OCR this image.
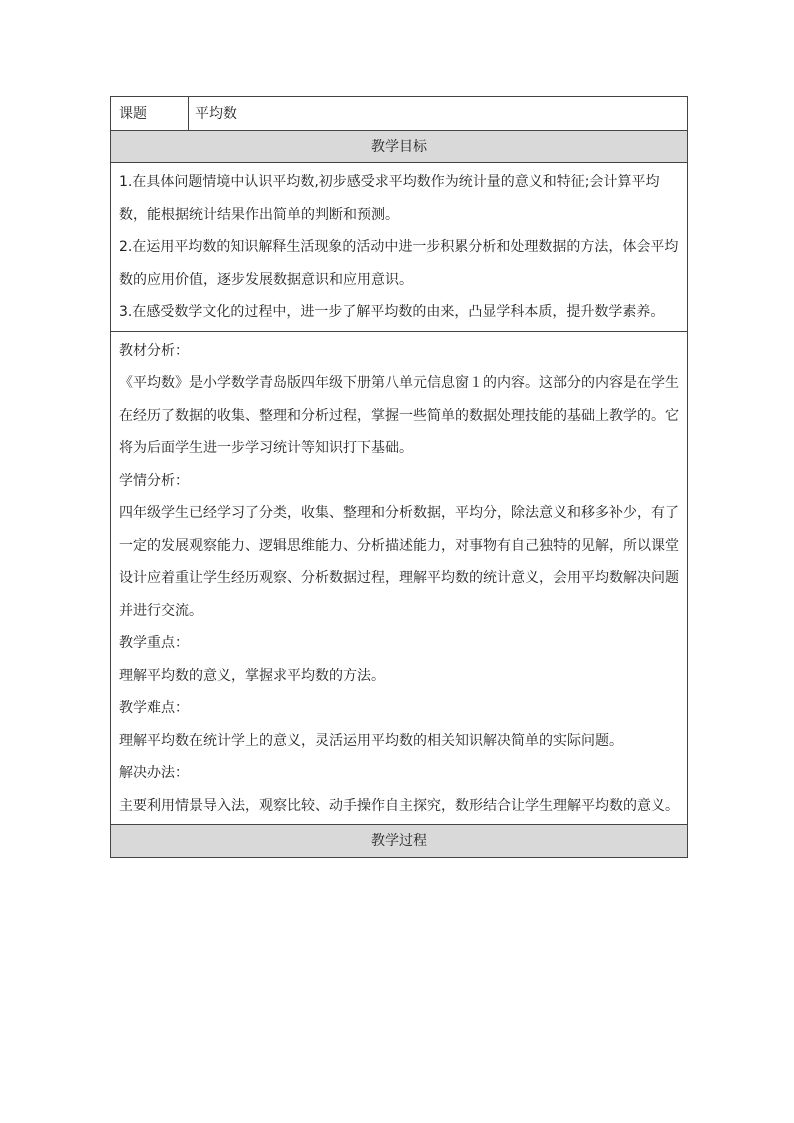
课题	平均数
教学目标

1.在具体问题情境中认识平均数,初步感受求平均数作为统计量的意义和特征;会计算平均数，能根据统计结果作出简单的判断和预测。

2.在运用平均数的知识解释生活现象的活动中进一步积累分析和处理数据的方法，体会平均数的应用价值，逐步发展数据意识和应用意识。

3.在感受数学文化的过程中，进一步了解平均数的由来，凸显学科本质，提升数学素养。

教材分析：

《平均数》是小学数学青岛版四年级下册第八单元信息窗１的内容。这部分的内容是在学生在经历了数据的收集、整理和分析过程，掌握一些简单的数据处理技能的基础上教学的。它将为后面学生进一步学习统计等知识打下基础。

学情分析：

四年级学生已经学习了分类，收集、整理和分析数据，平均分，除法意义和移多补少，有了一定的发展观察能力、逻辑思维能力、分析描述能力，对事物有自己独特的见解，所以课堂设计应着重让学生经历观察、分析数据过程，理解平均数的统计意义，会用平均数解决问题并进行交流。

教学重点：

理解平均数的意义，掌握求平均数的方法。

教学难点：

理解平均数在统计学上的意义，灵活运用平均数的相关知识解决简单的实际问题。

解决办法：

主要利用情景导入法，观察比较、动手操作自主探究，数形结合让学生理解平均数的意义。

教学过程
